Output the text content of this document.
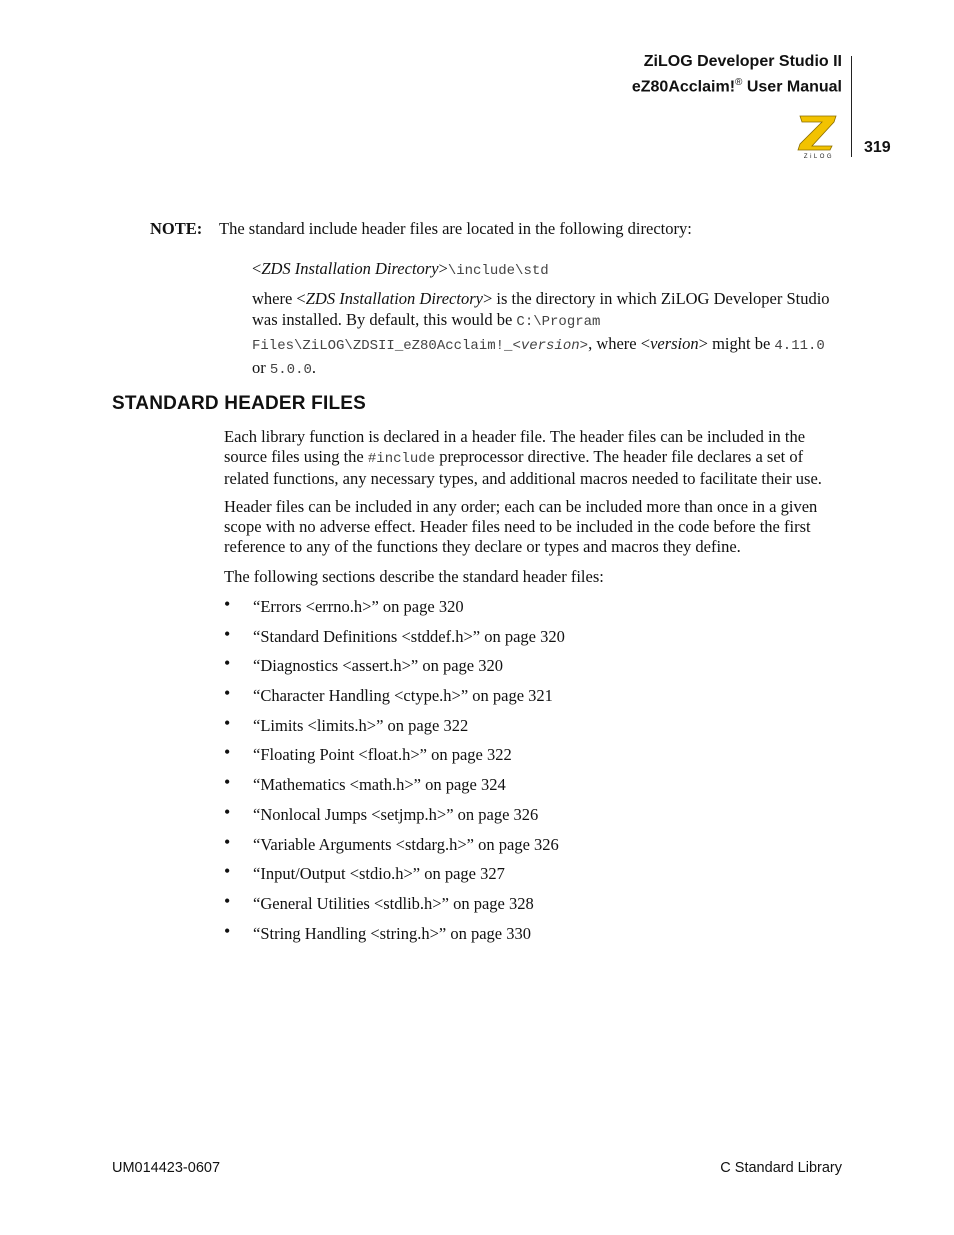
ZiLOG Developer Studio II
eZ80Acclaim!® User Manual
ZiLOG
319
NOTE: The standard include header files are located in the following directory:
<ZDS Installation Directory>\include\std
where <ZDS Installation Directory> is the directory in which ZiLOG Developer Studio was installed. By default, this would be C:\Program Files\ZiLOG\ZDSII_eZ80Acclaim!_<version>, where <version> might be 4.11.0 or 5.0.0.
STANDARD HEADER FILES
Each library function is declared in a header file. The header files can be included in the source files using the #include preprocessor directive. The header file declares a set of related functions, any necessary types, and additional macros needed to facilitate their use.
Header files can be included in any order; each can be included more than once in a given scope with no adverse effect. Header files need to be included in the code before the first reference to any of the functions they declare or types and macros they define.
The following sections describe the standard header files:
• “Errors <errno.h>” on page 320
• “Standard Definitions <stddef.h>” on page 320
• “Diagnostics <assert.h>” on page 320
• “Character Handling <ctype.h>” on page 321
• “Limits <limits.h>” on page 322
• “Floating Point <float.h>” on page 322
• “Mathematics <math.h>” on page 324
• “Nonlocal Jumps <setjmp.h>” on page 326
• “Variable Arguments <stdarg.h>” on page 326
• “Input/Output <stdio.h>” on page 327
• “General Utilities <stdlib.h>” on page 328
• “String Handling <string.h>” on page 330
UM014423-0607	C Standard Library
